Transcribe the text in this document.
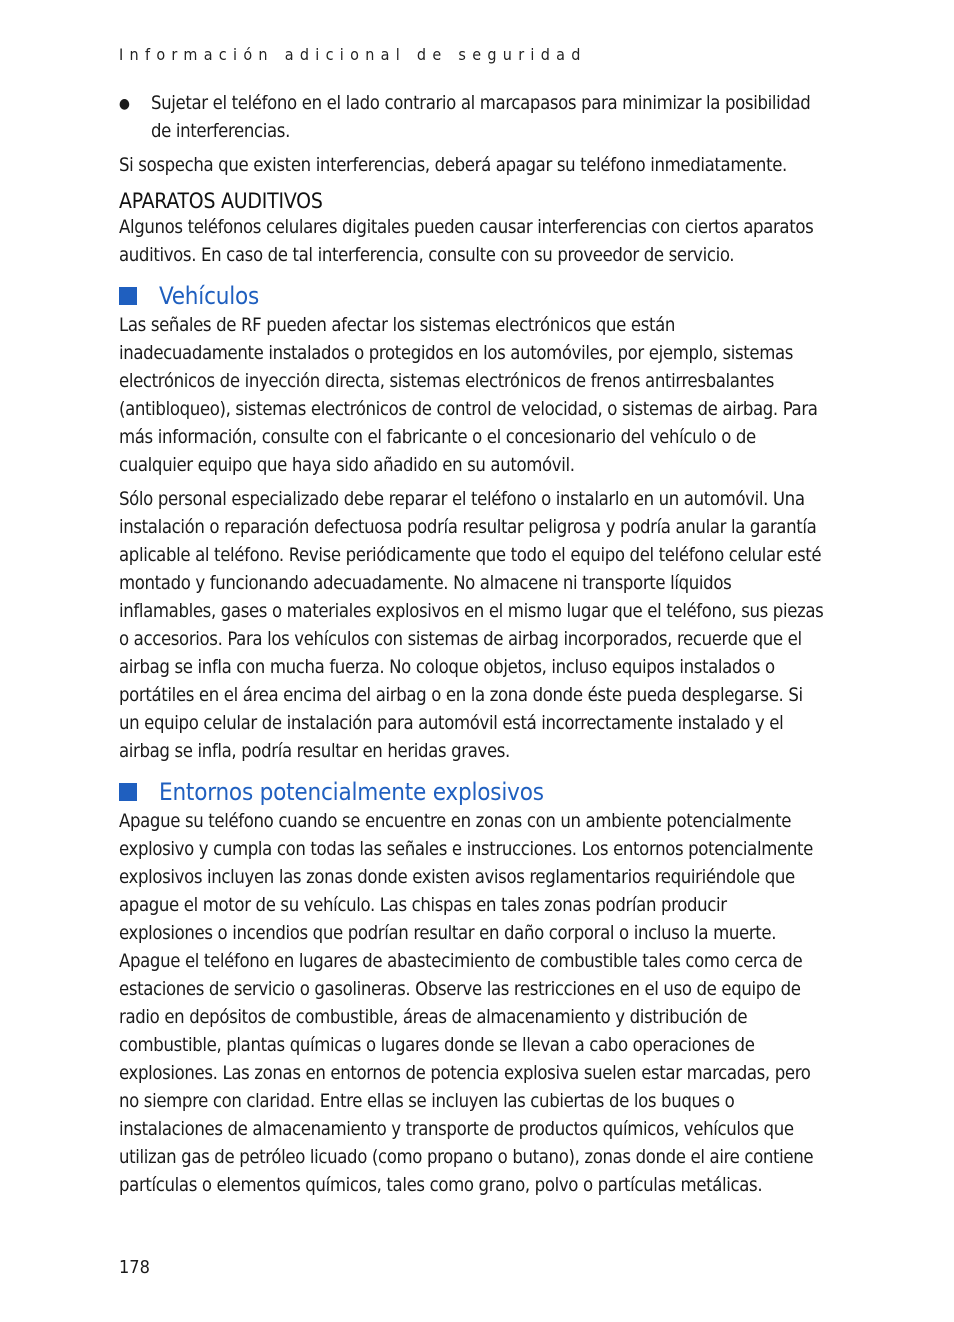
Información adicional de seguridad
● Sujetar el teléfono en el lado contrario al marcapasos para minimizar la posibilidad de interferencias.

Si sospecha que existen interferencias, deberá apagar su teléfono inmediatamente.

APARATOS AUDITIVOS

Algunos teléfonos celulares digitales pueden causar interferencias con ciertos aparatos auditivos. En caso de tal interferencia, consulte con su proveedor de servicio.

Vehículos

Las señales de RF pueden afectar los sistemas electrónicos que están inadecuadamente instalados o protegidos en los automóviles, por ejemplo, sistemas electrónicos de inyección directa, sistemas electrónicos de frenos antirresbalantes (antibloqueo), sistemas electrónicos de control de velocidad, o sistemas de airbag. Para más información, consulte con el fabricante o el concesionario del vehículo o de cualquier equipo que haya sido añadido en su automóvil.

Sólo personal especializado debe reparar el teléfono o instalarlo en un automóvil. Una instalación o reparación defectuosa podría resultar peligrosa y podría anular la garantía aplicable al teléfono. Revise periódicamente que todo el equipo del teléfono celular esté montado y funcionando adecuadamente. No almacene ni transporte líquidos inflamables, gases o materiales explosivos en el mismo lugar que el teléfono, sus piezas o accesorios. Para los vehículos con sistemas de airbag incorporados, recuerde que el airbag se infla con mucha fuerza. No coloque objetos, incluso equipos instalados o portátiles en el área encima del airbag o en la zona donde éste pueda desplegarse. Si un equipo celular de instalación para automóvil está incorrectamente instalado y el airbag se infla, podría resultar en heridas graves.

Entornos potencialmente explosivos

Apague su teléfono cuando se encuentre en zonas con un ambiente potencialmente explosivo y cumpla con todas las señales e instrucciones. Los entornos potencialmente explosivos incluyen las zonas donde existen avisos reglamentarios requiriéndole que apague el motor de su vehículo. Las chispas en tales zonas podrían producir explosiones o incendios que podrían resultar en daño corporal o incluso la muerte. Apague el teléfono en lugares de abastecimiento de combustible tales como cerca de estaciones de servicio o gasolineras. Observe las restricciones en el uso de equipo de radio en depósitos de combustible, áreas de almacenamiento y distribución de combustible, plantas químicas o lugares donde se llevan a cabo operaciones de explosiones. Las zonas en entornos de potencia explosiva suelen estar marcadas, pero no siempre con claridad. Entre ellas se incluyen las cubiertas de los buques o instalaciones de almacenamiento y transporte de productos químicos, vehículos que utilizan gas de petróleo licuado (como propano o butano), zonas donde el aire contiene partículas o elementos químicos, tales como grano, polvo o partículas metálicas.

178
